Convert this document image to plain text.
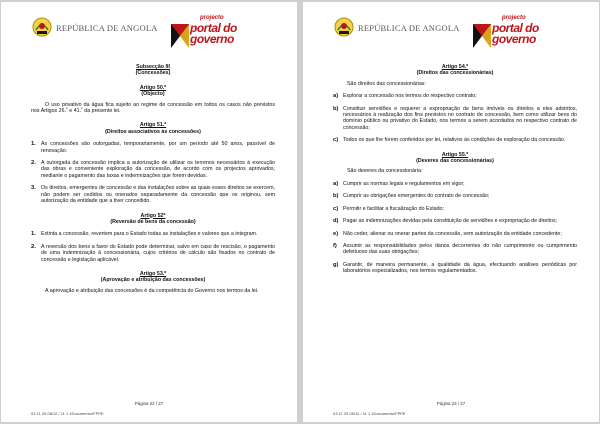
REPÚBLICA DE ANGOLA
projecto
portal do
governo
Subsecção III
(Concessões)
Artigo 50.º
(Objecto)
O uso privativo da água fica sujeito ao regime de concessão em todos os casos não previstos nos Artigos 26.˚ e 41.˚ da presente lei.
Artigo 51.º
(Direitos associativos às concessões)
1. As concessões são outorgadas, temporariamente, por um período até 50 anos, passível de renovação.
2. A outorgada da concessão implica a autorização de utilizar os terrenos necessários à execução das obras e conveniente exploração da concessão, de acordo com os projectos aprovados, mediante o pagamento das taxas e indemnizações que forem devidas.
3. Os direitos, emergentes de concessão e das instalações sobre as quais esses direitos se exercem, não podem ser cedidos ou onerados separadamente da concessão que os originou, sem autorização da entidade que a tiver concedido.
Artigo 52º
(Reversão de bens da concessão)
1. Extinta a concessão, revertem para o Estado todas as instalações e valores que a integram.
2. A reversão dos bens a favor do Estado pode determinar, salvo em caso de rescisão, o pagamento de uma indemnização à concessionária, cujos critérios de cálculo são fixados no contrato de concessão e legislação aplicável.
Artigo 53.º
(Aprovação e atribuição das concessões)
A aprovação e atribuição das concessões é da competência do Governo nos termos da lei.
Página 22 / 27
03 11 20 08/12 / 11 1 1Documento\FPPE
REPÚBLICA DE ANGOLA
projecto
portal do
governo
Artigo 54.º
(Direitos das concessionárias)
São direitos das concessionárias:
a) Explorar a concessão nos termos do respectivo contrato;
b) Constituir servidões e requerer a expropriação de bens imóveis ou direitos a eles adstritos, necessários à realização dos fins previstos no contrato de concessão, bem como utilizar bens do domínio público ou privativo do Estado, nos termos a serem acordados no respectivo contrato de concessão;
c) Todos os que lhe forem conferidos por lei, relativos às condições de exploração da concessão.
Artigo 55.º
(Deveres das concessionárias)
São deveres da concessionária:
a) Cumprir as normas legais e regulamentos em vigor;
b) Cumprir as obrigações emergentes do contrato de concessão;
c) Permitir e facilitar a fiscalização do Estado;
d) Pagar as indemnizações devidas pela constituição de servidões e expropriação de direitos;
e) Não ceder, alienar ou onerar partes da concessão, sem autorização da entidade concedente;
f)	Assumir as responsabilidades pelos danos decorrentes do não cumprimento ou cumprimento defeituoso das suas obrigações;
g) Garantir, de maneira permanente, a qualidade da água, efectuando análises periódicas por laboratórios especializados, nos termos regulamentados.
Página 23 / 27
03 11 20 08/12 / 11 1 1Documento\FPPE
